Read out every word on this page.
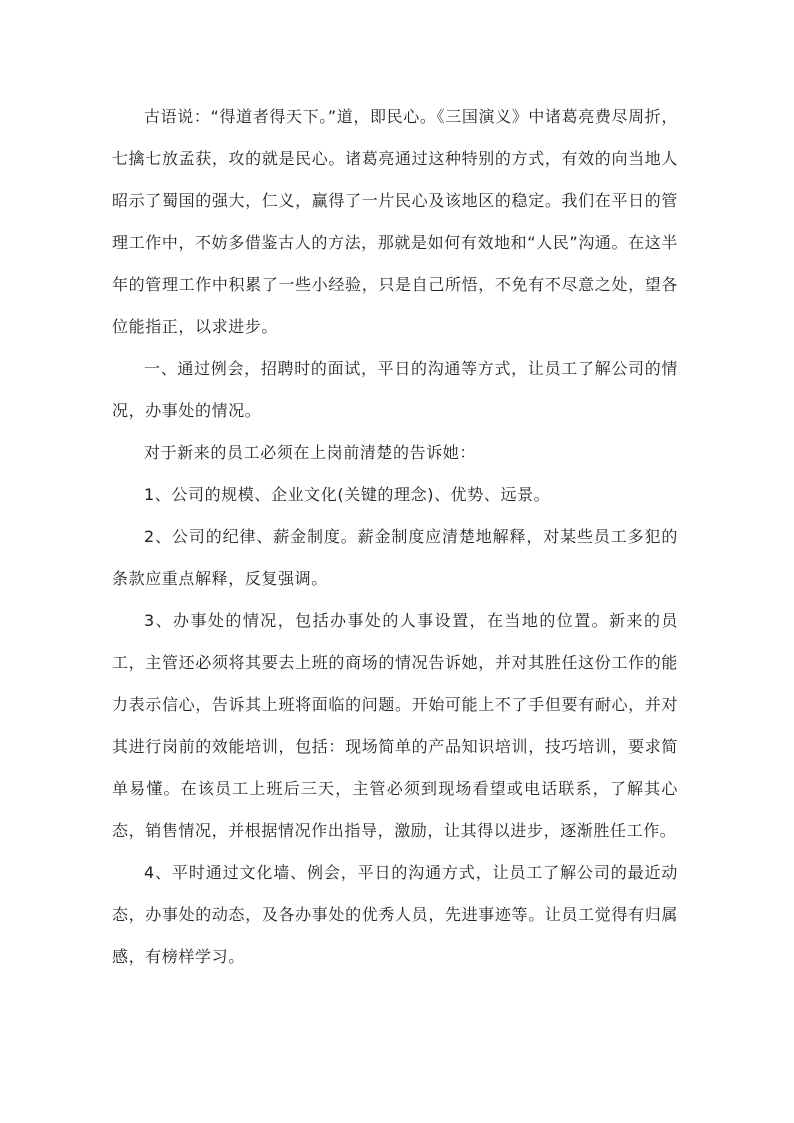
古语说：“得道者得天下。”道，即民心。《三国演义》中诸葛亮费尽周折，七擒七放孟获，攻的就是民心。诸葛亮通过这种特别的方式，有效的向当地人昭示了蜀国的强大，仁义，赢得了一片民心及该地区的稳定。我们在平日的管理工作中，不妨多借鉴古人的方法，那就是如何有效地和“人民”沟通。在这半年的管理工作中积累了一些小经验，只是自己所悟，不免有不尽意之处，望各位能指正，以求进步。

一、通过例会，招聘时的面试，平日的沟通等方式，让员工了解公司的情况，办事处的情况。

对于新来的员工必须在上岗前清楚的告诉她：

1、公司的规模、企业文化(关键的理念)、优势、远景。

2、公司的纪律、薪金制度。薪金制度应清楚地解释，对某些员工多犯的条款应重点解释，反复强调。

3、办事处的情况，包括办事处的人事设置，在当地的位置。新来的员工，主管还必须将其要去上班的商场的情况告诉她，并对其胜任这份工作的能力表示信心，告诉其上班将面临的问题。开始可能上不了手但要有耐心，并对其进行岗前的效能培训，包括：现场简单的产品知识培训，技巧培训，要求简单易懂。在该员工上班后三天，主管必须到现场看望或电话联系，了解其心态，销售情况，并根据情况作出指导，激励，让其得以进步，逐渐胜任工作。

4、平时通过文化墙、例会，平日的沟通方式，让员工了解公司的最近动态，办事处的动态，及各办事处的优秀人员，先进事迹等。让员工觉得有归属感，有榜样学习。
